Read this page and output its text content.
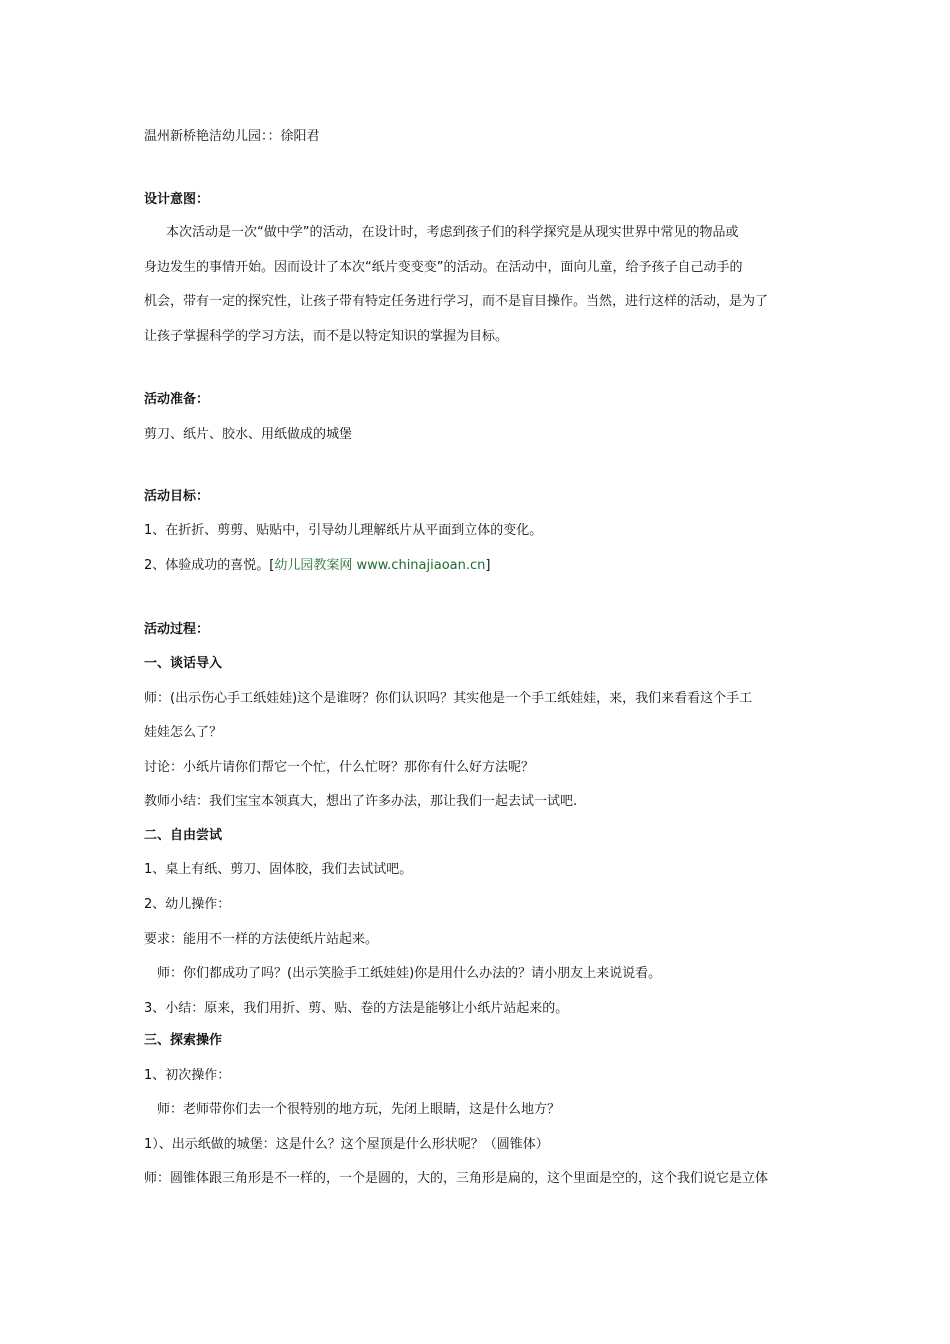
温州新桥艳洁幼儿园：：徐阳君
设计意图：
本次活动是一次“做中学”的活动，在设计时，考虑到孩子们的科学探究是从现实世界中常见的物品或
身边发生的事情开始。因而设计了本次“纸片变变变”的活动。在活动中，面向儿童，给予孩子自己动手的
机会，带有一定的探究性，让孩子带有特定任务进行学习，而不是盲目操作。当然，进行这样的活动，是为了
让孩子掌握科学的学习方法，而不是以特定知识的掌握为目标。
活动准备：
剪刀、纸片、胶水、用纸做成的城堡
活动目标：
1、在折折、剪剪、贴贴中，引导幼儿理解纸片从平面到立体的变化。
2、体验成功的喜悦。[幼儿园教案网 www.chinajiaoan.cn]
活动过程：
一、谈话导入
师：(出示伤心手工纸娃娃)这个是谁呀？你们认识吗？其实他是一个手工纸娃娃，来，我们来看看这个手工
娃娃怎么了？
讨论：小纸片请你们帮它一个忙，什么忙呀？那你有什么好方法呢？
教师小结：我们宝宝本领真大，想出了许多办法，那让我们一起去试一试吧.
二、自由尝试
1、桌上有纸、剪刀、固体胶，我们去试试吧。
2、幼儿操作：
要求：能用不一样的方法使纸片站起来。
师：你们都成功了吗？(出示笑脸手工纸娃娃)你是用什么办法的？请小朋友上来说说看。
3、小结：原来，我们用折、剪、贴、卷的方法是能够让小纸片站起来的。
三、探索操作
1、初次操作：
师：老师带你们去一个很特别的地方玩，先闭上眼睛，这是什么地方？
1）、出示纸做的城堡：这是什么？这个屋顶是什么形状呢？（圆锥体）
师：圆锥体跟三角形是不一样的，一个是圆的，大的，三角形是扁的，这个里面是空的，这个我们说它是立体
